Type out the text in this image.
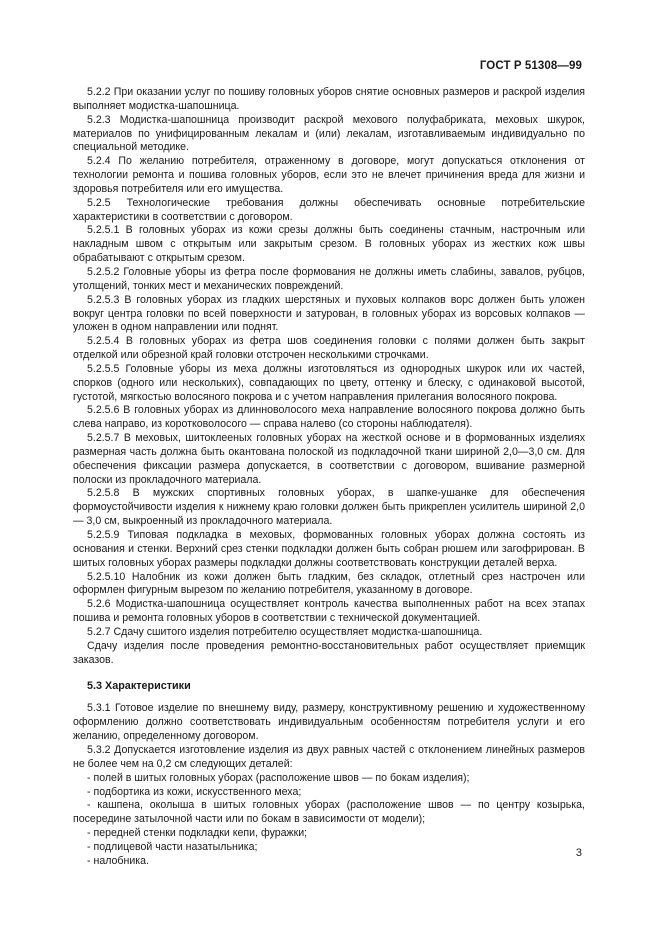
ГОСТ Р 51308—99

5.2.2 При оказании услуг по пошиву головных уборов снятие основных размеров и раскрой изделия выполняет модистка-шапошница.

5.2.3 Модистка-шапошница производит раскрой мехового полуфабриката, меховых шкурок, материалов по унифицированным лекалам и (или) лекалам, изготавливаемым индивидуально по специальной методике.

5.2.4 По желанию потребителя, отраженному в договоре, могут допускаться отклонения от технологии ремонта и пошива головных уборов, если это не влечет причинения вреда для жизни и здоровья потребителя или его имущества.

5.2.5 Технологические требования должны обеспечивать основные потребительские характеристики в соответствии с договором.

5.2.5.1 В головных уборах из кожи срезы должны быть соединены стачным, настрочным или накладным швом с открытым или закрытым срезом. В головных уборах из жестких кож швы обрабатывают с открытым срезом.

5.2.5.2 Головные уборы из фетра после формования не должны иметь слабины, завалов, рубцов, утолщений, тонких мест и механических повреждений.

5.2.5.3 В головных уборах из гладких шерстяных и пуховых колпаков ворс должен быть уложен вокруг центра головки по всей поверхности и затурован, в головных уборах из ворсовых колпаков — уложен в одном направлении или поднят.

5.2.5.4 В головных уборах из фетра шов соединения головки с полями должен быть закрыт отделкой или обрезной край головки отстрочен несколькими строчками.

5.2.5.5 Головные уборы из меха должны изготовляться из однородных шкурок или их частей, спорков (одного или нескольких), совпадающих по цвету, оттенку и блеску, с одинаковой высотой, густотой, мягкостью волосяного покрова и с учетом направления прилегания волосяного покрова.

5.2.5.6 В головных уборах из длинноволосого меха направление волосяного покрова должно быть слева направо, из коротковолосого — справа налево (со стороны наблюдателя).

5.2.5.7 В меховых, шитоклееных головных уборах на жесткой основе и в формованных изделиях размерная часть должна быть окантована полоской из подкладочной ткани шириной 2,0—3,0 см. Для обеспечения фиксации размера допускается, в соответствии с договором, вшивание размерной полоски из прокладочного материала.

5.2.5.8 В мужских спортивных головных уборах, в шапке-ушанке для обеспечения формоустойчивости изделия к нижнему краю головки должен быть прикреплен усилитель шириной 2,0— 3,0 см, выкроенный из прокладочного материала.

5.2.5.9 Типовая подкладка в меховых, формованных головных уборах должна состоять из основания и стенки. Верхний срез стенки подкладки должен быть собран рюшем или загофрирован. В шитых головных уборах размеры подкладки должны соответствовать конструкции деталей верха.

5.2.5.10 Налобник из кожи должен быть гладким, без складок, отлетный срез настрочен или оформлен фигурным вырезом по желанию потребителя, указанному в договоре.

5.2.6 Модистка-шапошница осуществляет контроль качества выполненных работ на всех этапах пошива и ремонта головных уборов в соответствии с технической документацией.

5.2.7 Сдачу сшитого изделия потребителю осуществляет модистка-шапошница.

Сдачу изделия после проведения ремонтно-восстановительных работ осуществляет приемщик заказов.

5.3 Характеристики

5.3.1 Готовое изделие по внешнему виду, размеру, конструктивному решению и художественному оформлению должно соответствовать индивидуальным особенностям потребителя услуги и его желанию, определенному договором.

5.3.2 Допускается изготовление изделия из двух равных частей с отклонением линейных размеров не более чем на 0,2 см следующих деталей:

- полей в шитых головных уборах (расположение швов — по бокам изделия);

- подбортика из кожи, искусственного меха;

- кашпена, околыша в шитых головных уборах (расположение швов — по центру козырька, посередине затылочной части или по бокам в зависимости от модели);

- передней стенки подкладки кепи, фуражки;

- подлицевой части назатыльника;

- налобника.

3
